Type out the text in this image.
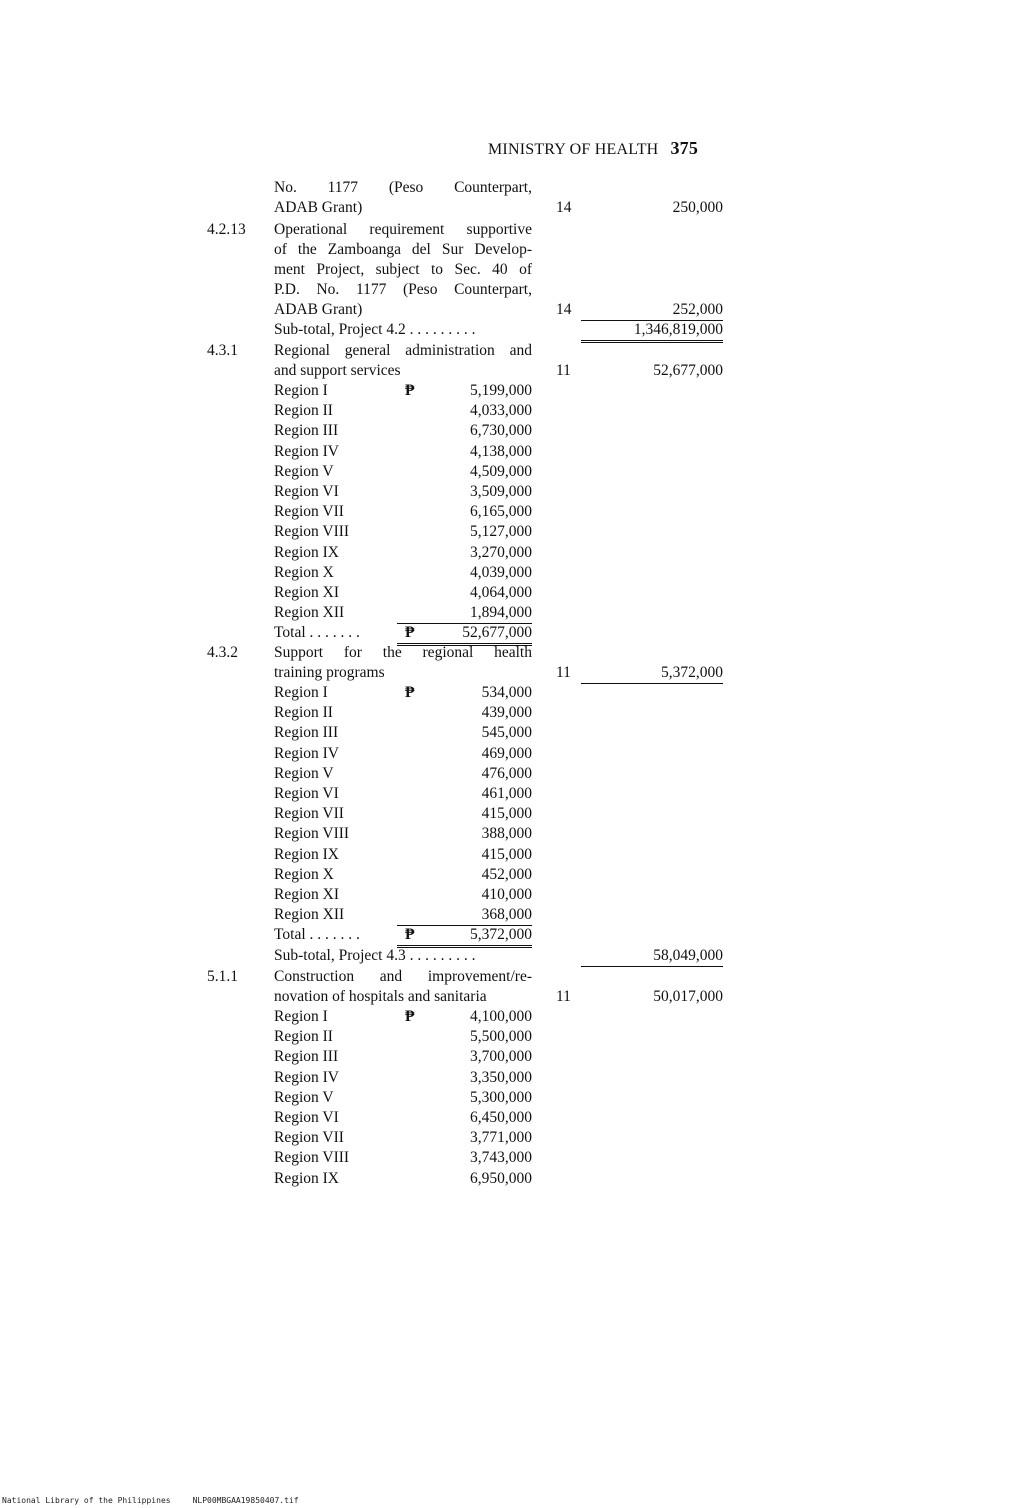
MINISTRY OF HEALTH 375
No. 1177 (Peso Counterpart,
ADAB Grant)	14	250,000
4.2.13	Operational requirement supportive
of the Zamboanga del Sur Develop-
ment Project, subject to Sec. 40 of
P.D. No. 1177 (Peso Counterpart,
ADAB Grant)	14	252,000
Sub-total, Project 4.2 . . . . . . . . .	1,346,819,000
4.3.1	Regional general administration and
and support services	11	52,677,000
Region I	₱	5,199,000
Region II	4,033,000
Region III	6,730,000
Region IV	4,138,000
Region V	4,509,000
Region VI	3,509,000
Region VII	6,165,000
Region VIII	5,127,000
Region IX	3,270,000
Region X	4,039,000
Region XI	4,064,000
Region XII	1,894,000
Total . . . . . . .	₱	52,677,000
4.3.2	Support for the regional health
training programs	11	5,372,000
Region I	₱	534,000
Region II	439,000
Region III	545,000
Region IV	469,000
Region V	476,000
Region VI	461,000
Region VII	415,000
Region VIII	388,000
Region IX	415,000
Region X	452,000
Region XI	410,000
Region XII	368,000
Total . . . . . . .	₱	5,372,000
Sub-total, Project 4.3 . . . . . . . . .	58,049,000
5.1.1	Construction and improvement/re-
novation of hospitals and sanitaria	11	50,017,000
Region I	₱	4,100,000
Region II	5,500,000
Region III	3,700,000
Region IV	3,350,000
Region V	5,300,000
Region VI	6,450,000
Region VII	3,771,000
Region VIII	3,743,000
Region IX	6,950,000
National Library of the Philippines	NLP00MBGAA19850407.tif
